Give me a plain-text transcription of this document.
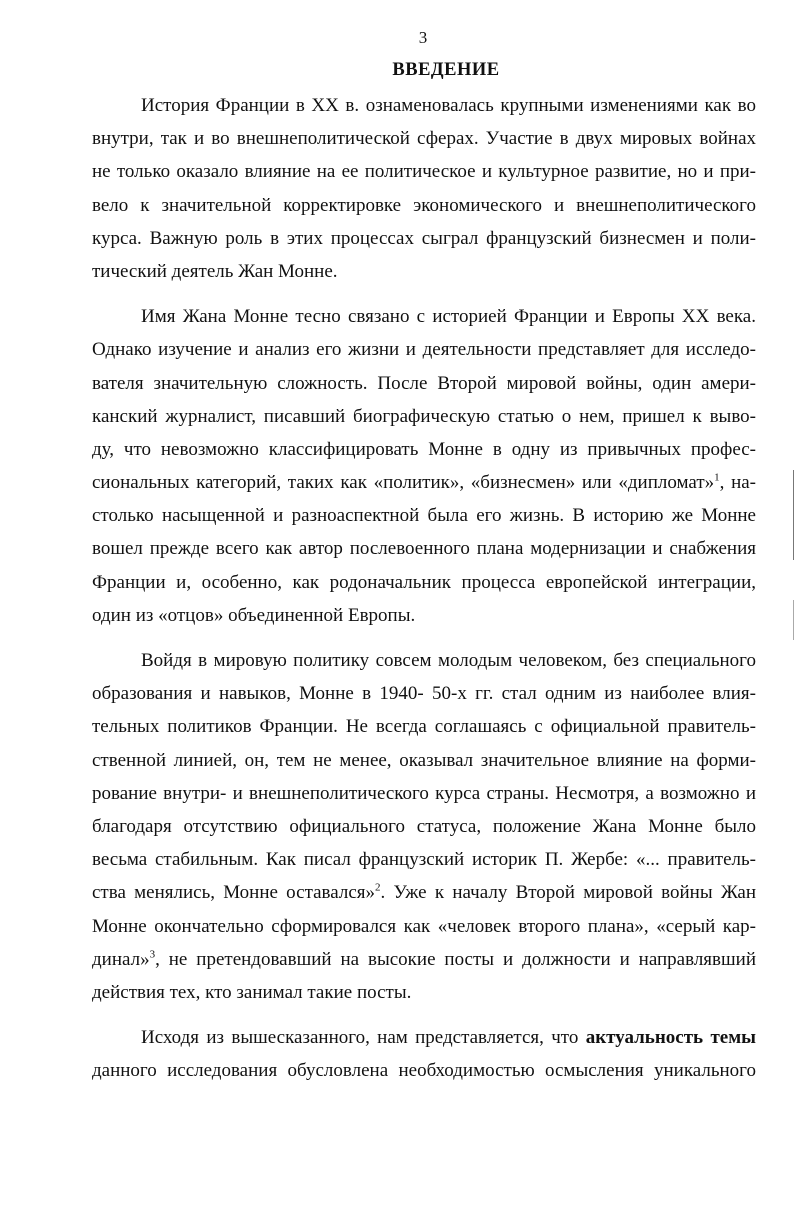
3
ВВЕДЕНИЕ
История Франции в XX в. ознаменовалась крупными изменениями как во
внутри, так и во внешнеполитической сферах. Участие в двух мировых войнах
не только оказало влияние на ее политическое и культурное развитие, но и при-
вело к значительной корректировке экономического и внешнеполитического
курса. Важную роль в этих процессах сыграл французский бизнесмен и поли-
тический деятель Жан Монне.
Имя Жана Монне тесно связано с историей Франции и Европы XX века.
Однако изучение и анализ его жизни и деятельности представляет для исследо-
вателя значительную сложность. После Второй мировой войны, один амери-
канский журналист, писавший биографическую статью о нем, пришел к выво-
ду, что невозможно классифицировать Монне в одну из привычных профес-
сиональных категорий, таких как «политик», «бизнесмен» или «дипломат»$^1$, на-
столько насыщенной и разноаспектной была его жизнь. В историю же Монне
вошел прежде всего как автор послевоенного плана модернизации и снабжения
Франции и, особенно, как родоначальник процесса европейской интеграции,
один из «отцов» объединенной Европы.
Войдя в мировую политику совсем молодым человеком, без специального
образования и навыков, Монне в 1940- 50-х гг. стал одним из наиболее влия-
тельных политиков Франции. Не всегда соглашаясь с официальной правитель-
ственной линией, он, тем не менее, оказывал значительное влияние на форми-
рование внутри- и внешнеполитического курса страны. Несмотря, а возможно и
благодаря отсутствию официального статуса, положение Жана Монне было
весьма стабильным. Как писал французский историк П. Жербе: «... правитель-
ства менялись, Монне оставался»$^2$. Уже к началу Второй мировой войны Жан
Монне окончательно сформировался как «человек второго плана», «серый кар-
динал»$^3$, не претендовавший на высокие посты и должности и направлявший
действия тех, кто занимал такие посты.
Исходя из вышесказанного, нам представляется, что актуальность темы
данного исследования обусловлена необходимостью осмысления уникального
